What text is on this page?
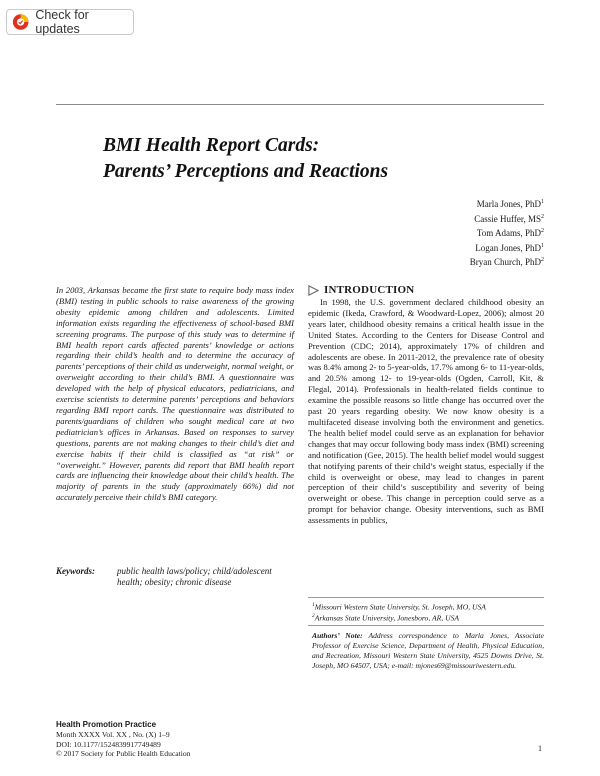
Check for updates
BMI Health Report Cards:
Parents’ Perceptions and Reactions
Marla Jones, PhD$^1$
Cassie Huffer, $MS^2$
Tom Adams, PhD$^2$
Logan Jones, PhD$^1$
Bryan Church, PhD$^2$

In 2003, Arkansas became the first state to require body mass index (BMI) testing in public schools to raise awareness of the growing obesity epidemic among children and adolescents. Limited information exists regarding the effectiveness of school-based BMI screening programs. The purpose of this study was to determine if BMI health report cards affected parents’ knowledge or actions regarding their child’s health and to determine the accuracy of parents’ perceptions of their child as underweight, normal weight, or overweight according to their child’s BMI. A questionnaire was developed with the help of physical educators, pediatricians, and exercise scientists to determine parents’ perceptions and behaviors regarding BMI report cards. The questionnaire was distributed to parents/guardians of children who sought medical care at two pediatrician’s offices in Arkansas. Based on responses to survey questions, parents are not making changes to their child’s diet and exercise habits if their child is classified as “at risk” or “overweight.” However, parents did report that BMI health report cards are influencing their knowledge about their child’s health. The majority of parents in the study (approximately 66%) did not accurately perceive their child’s BMI category.

Keywords: public health laws/policy; child/adolescent health; obesity; chronic disease
Health Promotion Practice
Month XXXX Vol. XX , No. (X) 1–9
DOI: 10.1177/1524839917749489
© 2017 Society for Public Health Education
INTRODUCTION

In 1998, the U.S. government declared childhood obesity an epidemic (Ikeda, Crawford, & Woodward-Lopez, 2006); almost 20 years later, childhood obesity remains a critical health issue in the United States. According to the Centers for Disease Control and Prevention (CDC; 2014), approximately 17% of children and adolescents are obese. In 2011-2012, the prevalence rate of obesity was 8.4% among 2- to 5-year-olds, 17.7% among 6- to 11-year-olds, and 20.5% among 12- to 19-year-olds (Ogden, Carroll, Kit, & Flegal, 2014). Professionals in health-related fields continue to examine the possible reasons so little change has occurred over the past 20 years regarding obesity. We now know obesity is a multifaceted disease involving both the environment and genetics. The health belief model could serve as an explanation for behavior changes that may occur following body mass index (BMI) screening and notification (Gee, 2015). The health belief model would suggest that notifying parents of their child’s weight status, especially if the child is overweight or obese, may lead to changes in parent perception of their child’s susceptibility and severity of being overweight or obese. This change in perception could serve as a prompt for behavior change. Obesity interventions, such as BMI assessments in publics,

$^1$Missouri Western State University, St. Joseph, MO, USA
$^2$Arkansas State University, Jonesboro, AR, USA

Authors’ Note: Address correspondence to Marla Jones, Associate Professor of Exercise Science, Department of Health, Physical Education, and Recreation, Missouri Western State University, 4525 Downs Drive, St. Joseph, MO 64507, USA; e-mail: mjones69@missouriwestern.edu.

1
